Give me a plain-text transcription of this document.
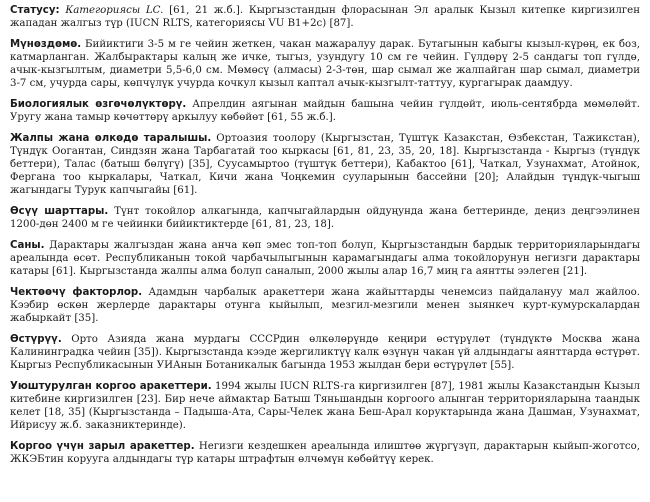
Статусу: Категориясы LC. [61, 21 ж.б.]. Кыргызстандын флорасынан Эл аралык Кызыл китепке киргизилген жападан жалгыз түр (IUCN RLTS, категориясы VU B1+2c) [87].

Мүнөздөмө. Бийиктиги 3-5 м ге чейин жеткен, чакан мажаралуу дарак. Бутагынын кабыгы кызыл-күрөң, ек боз, катмарланган. Жалбырактары калың же ичке, тыгыз, узундугу 10 см ге чейин. Гүлдөрү 2-5 сандагы топ гүлдө, ачык-кызгылтым, диаметри 5,5-6,0 см. Мөмөсү (алмасы) 2-3-төн, шар сымал же жалпайган шар сымал, диаметри 3-7 см, учурда сары, көпчүлүк учурда кочкул кызыл каптал ачык-кызгылт-таттуу, кургагырак даамдуу.

Биологиялык өзгөчөлүктөрү. Апрелдин аягынан майдын башына чейин гүлдөйт, июль-сентябрда мөмөлөйт. Уругу жана тамыр көчөттөрү аркылуу көбөйөт [61, 55 ж.б.].

Жалпы жана өлкөдө таралышы. Ортоазия тоолору (Кыргызстан, Түштүк Казакстан, Өзбекстан, Тажикстан), Түндүк Оогантан, Синдзян жана Тарбагатай тоо кыркасы [61, 81, 23, 35, 20, 18]. Кыргызстанда - Кыргыз (түндүк беттери), Талас (батыш бөлүгү) [35], Суусамыртоо (түштүк беттери), Кабактоо [61], Чаткал, Узунахмат, Атойнок, Фергана тоо кыркалары, Чаткал, Кичи жана Чоңкемин сууларынын бассейни [20]; Алайдын түндүк-чыгыш жагындагы Турук капчыгайы [61].

Өсүү шарттары. Түнт токойлор алкагында, капчыгайлардын ойдуңунда жана беттеринде, деңиз деңгээлинен 1200-дөн 2400 м ге чейинки бийиктиктерде [61, 81, 23, 18].

Саны. Дарактары жалгыздан жана анча көп эмес топ-топ болуп, Кыргызстандын бардык территорияларындагы ареалында өсөт. Республиканын токой чарбачылыгынын карамагындагы алма токойлорунун негизги дарактары катары [61]. Кыргызстанда жалпы алма болуп саналып, 2000 жылы алар 16,7 миң га аянтты ээлеген [21].

Чектөөчү факторлор. Адамдын чарбалык аракеттери жана жайыттарды ченемсиз пайдалануу мал жайлоо. Кээбир өскөн жерлерде дарактары отунга кыйылып, мезгил-мезгили менен зыянкеч курт-кумурскалардан жабыркайт [35].

Өстүрүү. Орто Азияда жана мурдагы СССРдин өлкөлөрүндө кеңири өстүрүлөт (түндүктө Москва жана Калининградка чейин [35]). Кыргызстанда кээде жергиликтүү калк өзүнүн чакан үй алдындагы аянттарда өстүрөт. Кыргыз Республикасынын УИАнын Ботаникалык багында 1953 жылдан бери өстүрүлөт [55].

Уюштурулган коргоо аракеттери. 1994 жылы IUCN RLTS-га киргизилген [87], 1981 жылы Казакстандын Кызыл китебине киргизилген [23]. Бир нече аймактар Батыш Тяньшандын коргоого алынган территорияларына таандык келет [18, 35] (Кыргызстанда – Падыша-Ата, Сары-Челек жана Беш-Арал коруктарында жана Дашман, Узунахмат, Ийрисуу ж.б. заказниктеринде).

Коргоо үчүн зарыл аракеттер. Негизги кездешкен ареалында илиштөө жүргүзүп, дарактарын кыйып-жоготсо, ЖКЭБтин корууга алдындагы түр катары штрафтын өлчөмүн көбөйтүү керек.
